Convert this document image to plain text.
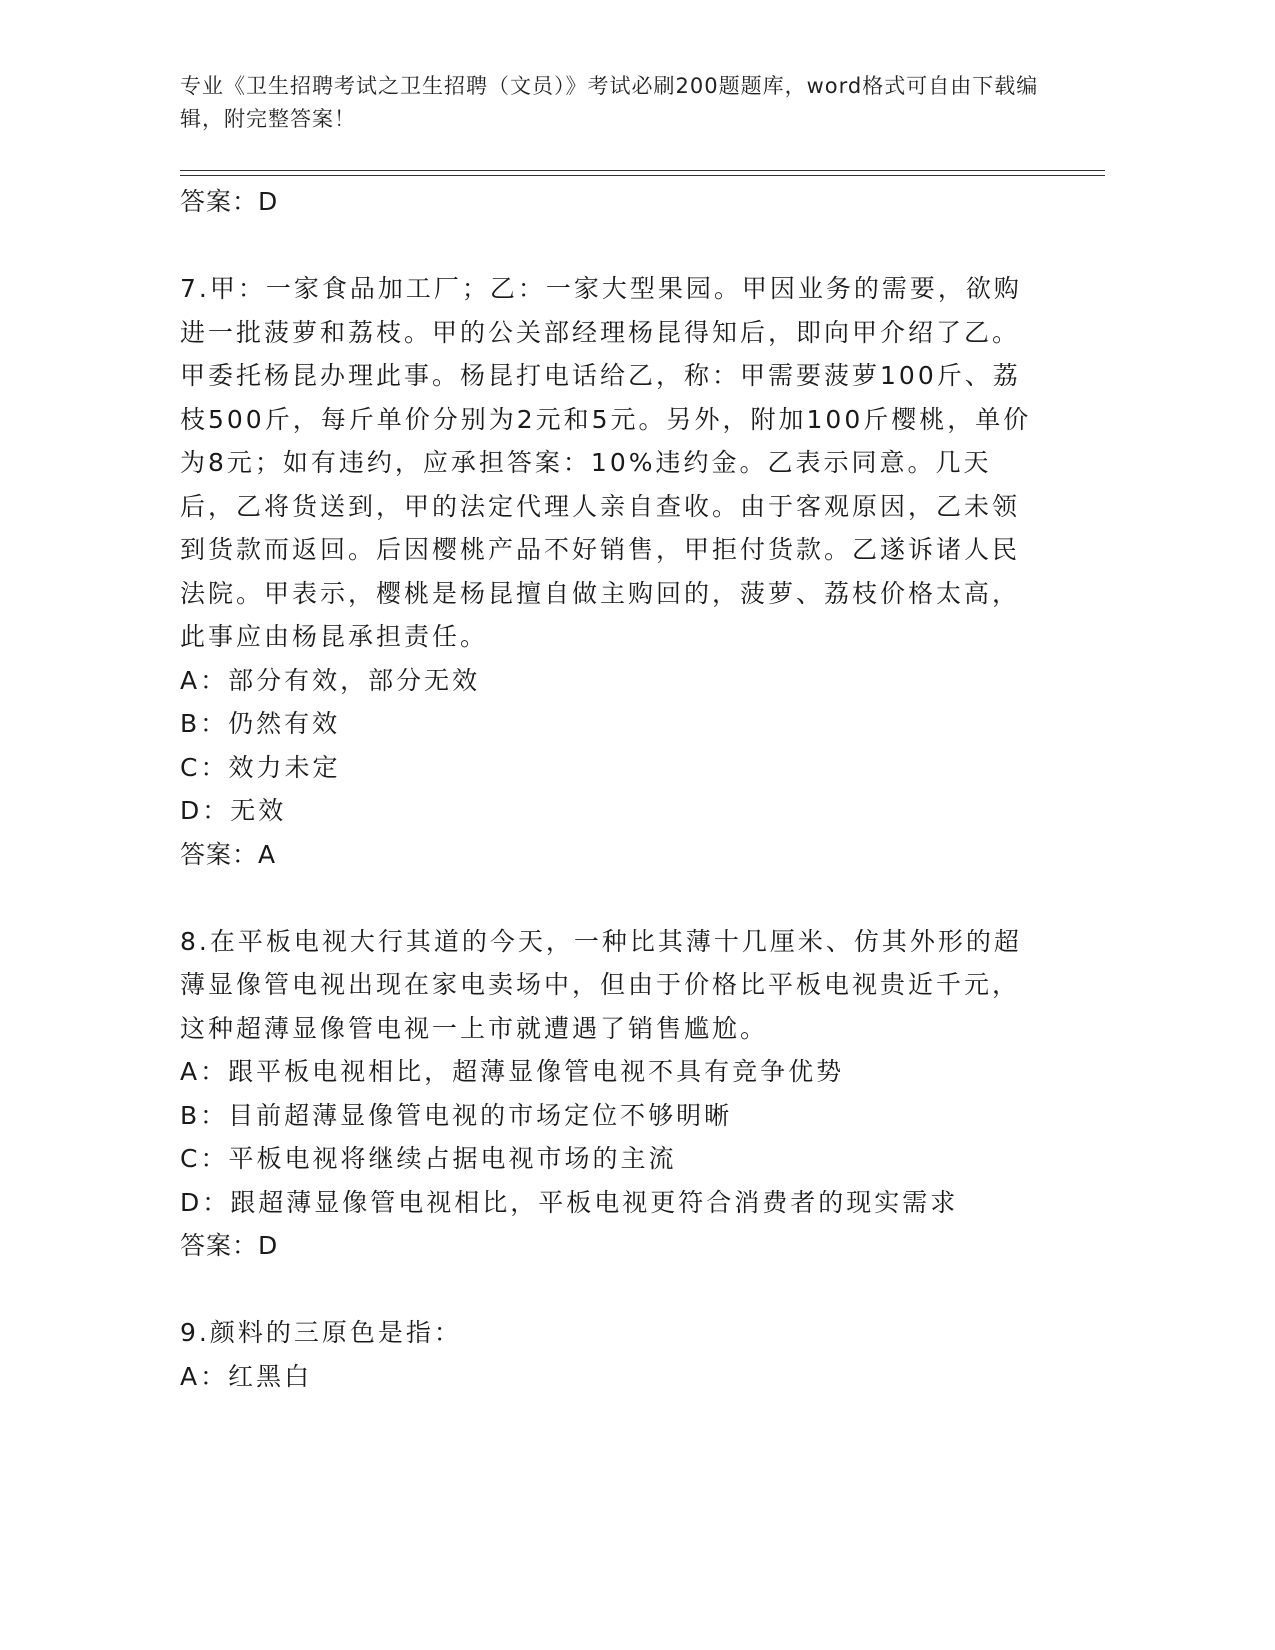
专业《卫生招聘考试之卫生招聘（文员）》考试必刷200题题库，word格式可自由下载编辑，附完整答案！

答案：D

7.甲：一家食品加工厂；乙：一家大型果园。甲因业务的需要，欲购进一批菠萝和荔枝。甲的公关部经理杨昆得知后，即向甲介绍了乙。甲委托杨昆办理此事。杨昆打电话给乙，称：甲需要菠萝100斤、荔枝500斤，每斤单价分别为2元和5元。另外，附加100斤樱桃，单价为8元；如有违约，应承担答案：10%违约金。乙表示同意。几天后，乙将货送到，甲的法定代理人亲自查收。由于客观原因，乙未领到货款而返回。后因樱桃产品不好销售，甲拒付货款。乙遂诉诸人民法院。甲表示，樱桃是杨昆擅自做主购回的，菠萝、荔枝价格太高，此事应由杨昆承担责任。

A：部分有效，部分无效

B：仍然有效

C：效力未定

D：无效

答案：A

8.在平板电视大行其道的今天，一种比其薄十几厘米、仿其外形的超薄显像管电视出现在家电卖场中，但由于价格比平板电视贵近千元，这种超薄显像管电视一上市就遭遇了销售尴尬。

A：跟平板电视相比，超薄显像管电视不具有竞争优势

B：目前超薄显像管电视的市场定位不够明晰

C：平板电视将继续占据电视市场的主流

D：跟超薄显像管电视相比，平板电视更符合消费者的现实需求

答案：D

9.颜料的三原色是指：

A：红黑白
